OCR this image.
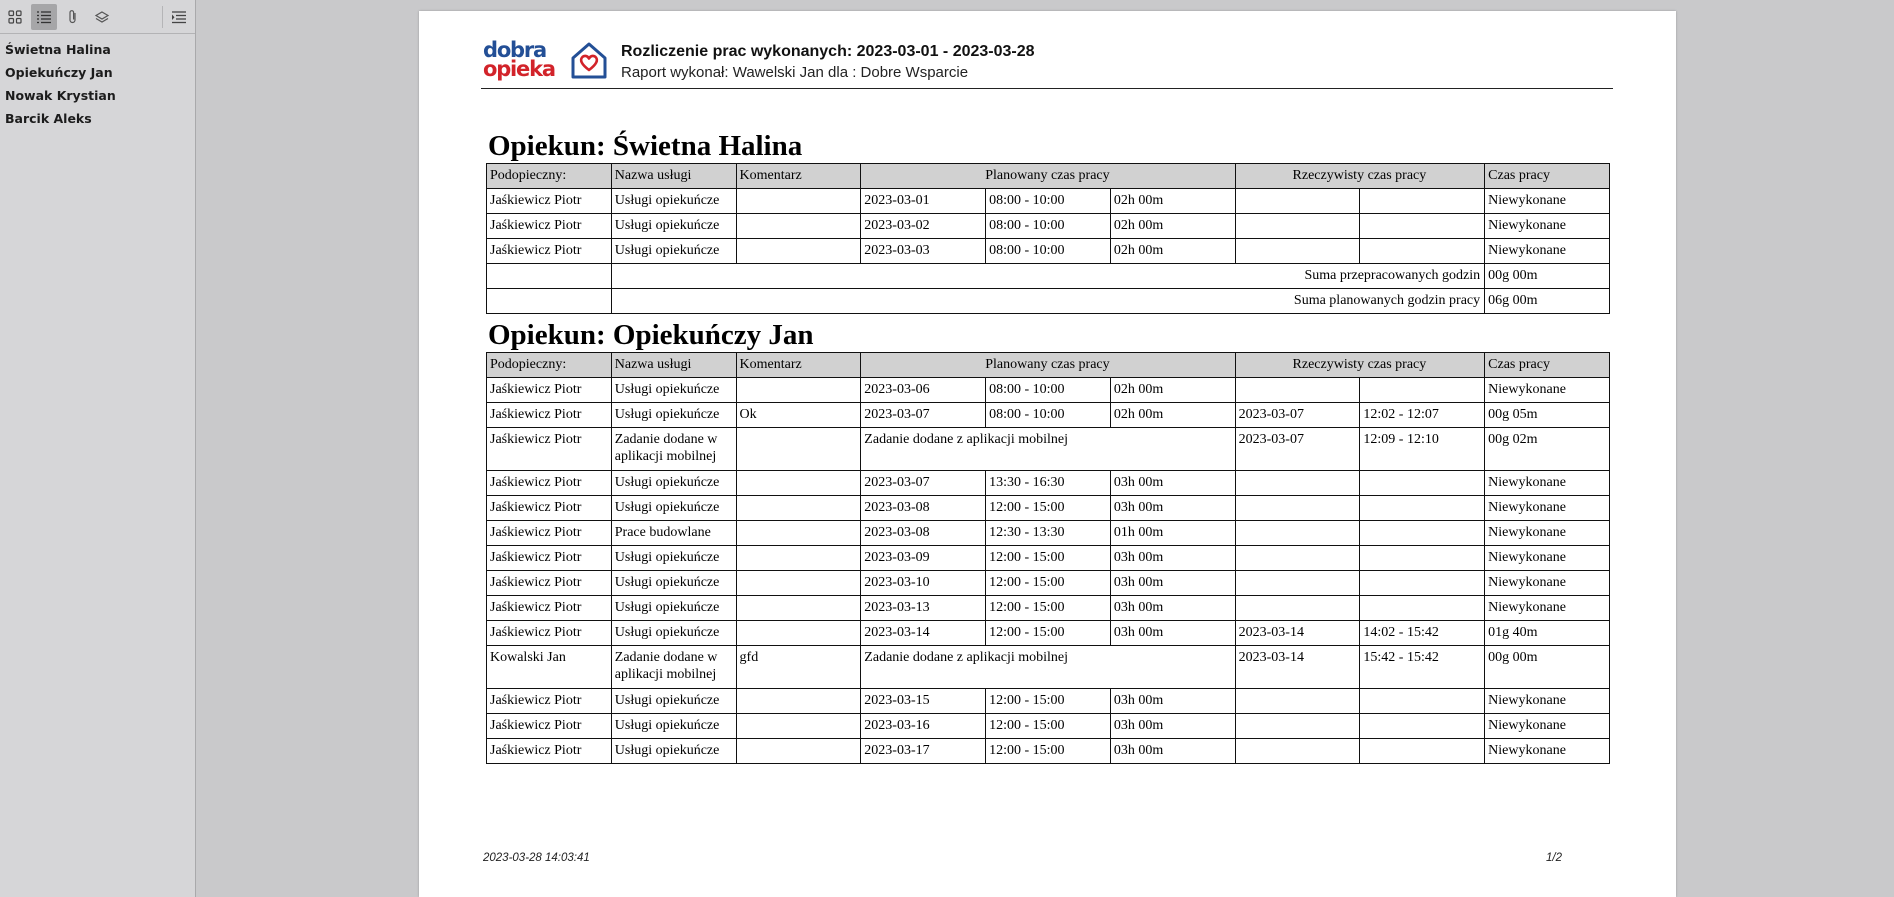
Świetna Halina
Opiekuńczy Jan
Nowak Krystian
Barcik Aleks
dobra
opieka
Rozliczenie prac wykonanych: 2023-03-01 - 2023-03-28
Raport wykonał: Wawelski Jan dla : Dobre Wsparcie
Opiekun: Świetna Halina
Podopieczny:	Nazwa usługi	Komentarz	Planowany czas pracy			Rzeczywisty czas pracy		Czas pracy
Jaśkiewicz Piotr	Usługi opiekuńcze		2023-03-01	08:00 - 10:00	02h 00m			Niewykonane
Jaśkiewicz Piotr	Usługi opiekuńcze		2023-03-02	08:00 - 10:00	02h 00m			Niewykonane
Jaśkiewicz Piotr	Usługi opiekuńcze		2023-03-03	08:00 - 10:00	02h 00m			Niewykonane
	Suma przepracowanych godzin							00g 00m
	Suma planowanych godzin pracy							06g 00m
Opiekun: Opiekuńczy Jan
Podopieczny:	Nazwa usługi	Komentarz	Planowany czas pracy			Rzeczywisty czas pracy		Czas pracy
Jaśkiewicz Piotr	Usługi opiekuńcze		2023-03-06	08:00 - 10:00	02h 00m			Niewykonane
Jaśkiewicz Piotr	Usługi opiekuńcze	Ok	2023-03-07	08:00 - 10:00	02h 00m	2023-03-07	12:02 - 12:07	00g 05m
Jaśkiewicz Piotr	Zadanie dodane w aplikacji mobilnej		Zadanie dodane z aplikacji mobilnej			2023-03-07	12:09 - 12:10	00g 02m
Jaśkiewicz Piotr	Usługi opiekuńcze		2023-03-07	13:30 - 16:30	03h 00m			Niewykonane
Jaśkiewicz Piotr	Usługi opiekuńcze		2023-03-08	12:00 - 15:00	03h 00m			Niewykonane
Jaśkiewicz Piotr	Prace budowlane		2023-03-08	12:30 - 13:30	01h 00m			Niewykonane
Jaśkiewicz Piotr	Usługi opiekuńcze		2023-03-09	12:00 - 15:00	03h 00m			Niewykonane
Jaśkiewicz Piotr	Usługi opiekuńcze		2023-03-10	12:00 - 15:00	03h 00m			Niewykonane
Jaśkiewicz Piotr	Usługi opiekuńcze		2023-03-13	12:00 - 15:00	03h 00m			Niewykonane
Jaśkiewicz Piotr	Usługi opiekuńcze		2023-03-14	12:00 - 15:00	03h 00m	2023-03-14	14:02 - 15:42	01g 40m
Kowalski Jan	Zadanie dodane w aplikacji mobilnej	gfd	Zadanie dodane z aplikacji mobilnej			2023-03-14	15:42 - 15:42	00g 00m
Jaśkiewicz Piotr	Usługi opiekuńcze		2023-03-15	12:00 - 15:00	03h 00m			Niewykonane
Jaśkiewicz Piotr	Usługi opiekuńcze		2023-03-16	12:00 - 15:00	03h 00m			Niewykonane
Jaśkiewicz Piotr	Usługi opiekuńcze		2023-03-17	12:00 - 15:00	03h 00m			Niewykonane
2023-03-28 14:03:41	1/2
